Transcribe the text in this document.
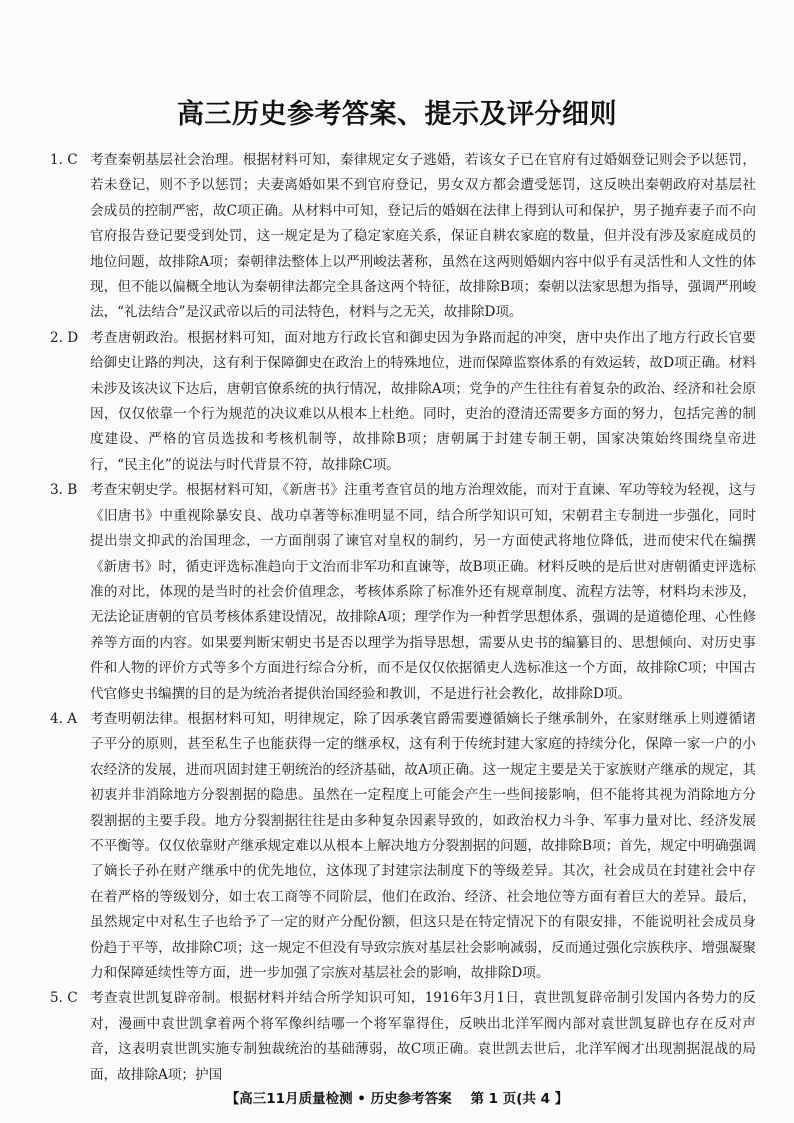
高三历史参考答案、提示及评分细则
1. C 考查秦朝基层社会治理。根据材料可知，秦律规定女子逃婚，若该女子已在官府有过婚姻登记则会予以惩罚，若未登记，则不予以惩罚；夫妻离婚如果不到官府登记，男女双方都会遭受惩罚，这反映出秦朝政府对基层社会成员的控制严密，故C项正确。从材料中可知，登记后的婚姻在法律上得到认可和保护，男子抛弃妻子而不向官府报告登记要受到处罚，这一规定是为了稳定家庭关系，保证自耕农家庭的数量，但并没有涉及家庭成员的地位问题，故排除A项；秦朝律法整体上以严刑峻法著称，虽然在这两则婚姻内容中似乎有灵活性和人文性的体现，但不能以偏概全地认为秦朝律法都完全具备这两个特征，故排除B项；秦朝以法家思想为指导，强调严刑峻法，“礼法结合”是汉武帝以后的司法特色，材料与之无关，故排除D项。
2. D 考查唐朝政治。根据材料可知，面对地方行政长官和御史因为争路而起的冲突，唐中央作出了地方行政长官要给御史让路的判决，这有利于保障御史在政治上的特殊地位，进而保障监察体系的有效运转，故D项正确。材料未涉及该决议下达后，唐朝官僚系统的执行情况，故排除A项；党争的产生往往有着复杂的政治、经济和社会原因，仅仅依靠一个行为规范的决议难以从根本上杜绝。同时，吏治的澄清还需要多方面的努力，包括完善的制度建设、严格的官员选拔和考核机制等，故排除B项；唐朝属于封建专制王朝，国家决策始终围绕皇帝进行，“民主化”的说法与时代背景不符，故排除C项。
3. B 考查宋朝史学。根据材料可知，《新唐书》注重考查官员的地方治理效能，而对于直谏、军功等较为轻视，这与《旧唐书》中重视除暴安良、战功卓著等标准明显不同，结合所学知识可知，宋朝君主专制进一步强化，同时提出崇文抑武的治国理念，一方面削弱了谏官对皇权的制约，另一方面使武将地位降低，进而使宋代在编撰《新唐书》时，循吏评选标准趋向于文治而非军功和直谏等，故B项正确。材料反映的是后世对唐朝循吏评选标准的对比，体现的是当时的社会价值理念，考核体系除了标准外还有规章制度、流程方法等，材料均未涉及，无法论证唐朝的官员考核体系建设情况，故排除A项；理学作为一种哲学思想体系，强调的是道德伦理、心性修养等方面的内容。如果要判断宋朝史书是否以理学为指导思想，需要从史书的编纂目的、思想倾向、对历史事件和人物的评价方式等多个方面进行综合分析，而不是仅仅依据循吏人选标准这一个方面，故排除C项；中国古代官修史书编撰的目的是为统治者提供治国经验和教训，不是进行社会教化，故排除D项。
4. A 考查明朝法律。根据材料可知，明律规定，除了因承袭官爵需要遵循嫡长子继承制外，在家财继承上则遵循诸子平分的原则，甚至私生子也能获得一定的继承权，这有利于传统封建大家庭的持续分化，保障一家一户的小农经济的发展，进而巩固封建王朝统治的经济基础，故A项正确。这一规定主要是关于家族财产继承的规定，其初衷并非消除地方分裂割据的隐患。虽然在一定程度上可能会产生一些间接影响，但不能将其视为消除地方分裂割据的主要手段。地方分裂割据往往是由多种复杂因素导致的，如政治权力斗争、军事力量对比、经济发展不平衡等。仅仅依靠财产继承规定难以从根本上解决地方分裂割据的问题，故排除B项；首先，规定中明确强调了嫡长子孙在财产继承中的优先地位，这体现了封建宗法制度下的等级差异。其次，社会成员在封建社会中存在着严格的等级划分，如士农工商等不同阶层，他们在政治、经济、社会地位等方面有着巨大的差异。最后，虽然规定中对私生子也给予了一定的财产分配份额，但这只是在特定情况下的有限安排，不能说明社会成员身份趋于平等，故排除C项；这一规定不但没有导致宗族对基层社会影响减弱，反而通过强化宗族秩序、增强凝聚力和保障延续性等方面，进一步加强了宗族对基层社会的影响，故排除D项。
5. C 考查袁世凯复辟帝制。根据材料并结合所学知识可知，1916年3月1日，袁世凯复辟帝制引发国内各势力的反对，漫画中袁世凯拿着两个将军像纠结哪一个将军靠得住，反映出北洋军阀内部对袁世凯复辟也存在反对声音，这表明袁世凯实施专制独裁统治的基础薄弱，故C项正确。袁世凯去世后，北洋军阀才出现割据混战的局面，故排除A项；护国
【高三11月质量检测 • 历史参考答案 第 1 页(共 4 】
